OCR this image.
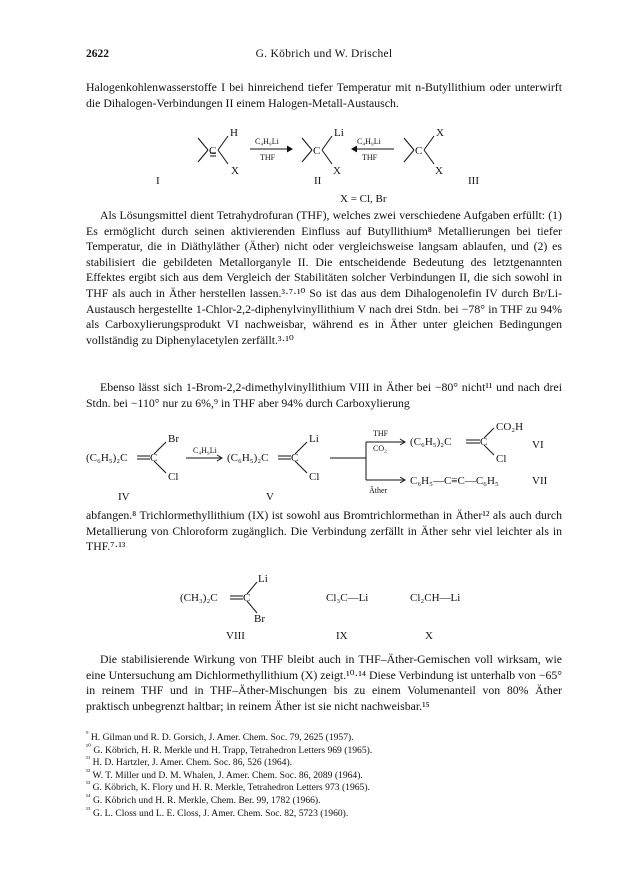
2622	G. Köbrich und W. Drischel

Halogenkohlenwasserstoffe I bei hinreichend tiefer Temperatur mit n-Butyllithium oder unterwirft die Dihalogen-Verbindungen II einem Halogen-Metall-Austausch.

C
H
X
C₄H₉Li
THF
C
Li
X
C₄H₉Li
THF
C
X
X
I	II	III
X = Cl, Br

Als Lösungsmittel dient Tetrahydrofuran (THF), welches zwei verschiedene Aufgaben erfüllt: (1) Es ermöglicht durch seinen aktivierenden Einfluss auf Butyllithium⁸ Metallierungen bei tiefer Temperatur, die in Diäthyläther (Äther) nicht oder vergleichsweise langsam ablaufen, und (2) es stabilisiert die gebildeten Metallorganyle II. Die entscheidende Bedeutung des letztgenannten Effektes ergibt sich aus dem Vergleich der Stabilitäten solcher Verbindungen II, die sich sowohl in THF als auch in Äther herstellen lassen.³·⁷·¹⁰ So ist das aus dem Dihalogenolefin IV durch Br/Li-Austausch hergestellte 1-Chlor-2,2-diphenylvinyllithium V nach drei Stdn. bei −78° in THF zu 94% als Carboxylierungsprodukt VI nachweisbar, während es in Äther unter gleichen Bedingungen vollständig zu Diphenylacetylen zerfällt.³·¹⁰

Ebenso lässt sich 1-Brom-2,2-dimethylvinyllithium VIII in Äther bei −80° nicht¹¹ und nach drei Stdn. bei −110° nur zu 6%,⁹ in THF aber 94% durch Carboxylierung

(C₆H₅)₂C C
Br
Cl
C₄H₉Li
(C₆H₅)₂C C
Li
Cl
THF
CO₂
Äther
(C₆H₅)₂C	C
CO₂H
Cl
C₆H₅—C≡C—C₆H₅
IV	V
VI
VII

abfangen.⁸ Trichlormethyllithium (IX) ist sowohl aus Bromtrichlormethan in Äther¹² als auch durch Metallierung von Chloroform zugänglich. Die Verbindung zerfällt in Äther sehr viel leichter als in THF.⁷·¹³

(CH₃)₂C C
Li
Br
Cl₃C—Li	Cl₂CH—Li
VIII	IX	X

Die stabilisierende Wirkung von THF bleibt auch in THF–Äther-Gemischen voll wirksam, wie eine Untersuchung am Dichlormethyllithium (X) zeigt.¹⁰·¹⁴ Diese Verbindung ist unterhalb von −65° in reinem THF und in THF–Äther-Mischungen bis zu einem Volumenanteil von 80% Äther praktisch unbegrenzt haltbar; in reinem Äther ist sie nicht nachweisbar.¹⁵

$^{^9}$ H. Gilman und R. D. Gorsich, J. Amer. Chem. Soc. 79, 2625 (1957).
$^{^{10}}$ G. Köbrich, H. R. Merkle und H. Trapp, Tetrahedron Letters 969 (1965).
$^{^{11}}$ H. D. Hartzler, J. Amer. Chem. Soc. 86, 526 (1964).
$^{^{12}}$ W. T. Miller und D. M. Whalen, J. Amer. Chem. Soc. 86, 2089 (1964).
$^{^{13}}$ G. Köbrich, K. Flory und H. R. Merkle, Tetrahedron Letters 973 (1965).
$^{^{14}}$ G. Köbrich und H. R. Merkle, Chem. Ber. 99, 1782 (1966).
$^{^{15}}$ G. L. Closs und L. E. Closs, J. Amer. Chem. Soc. 82, 5723 (1960).
